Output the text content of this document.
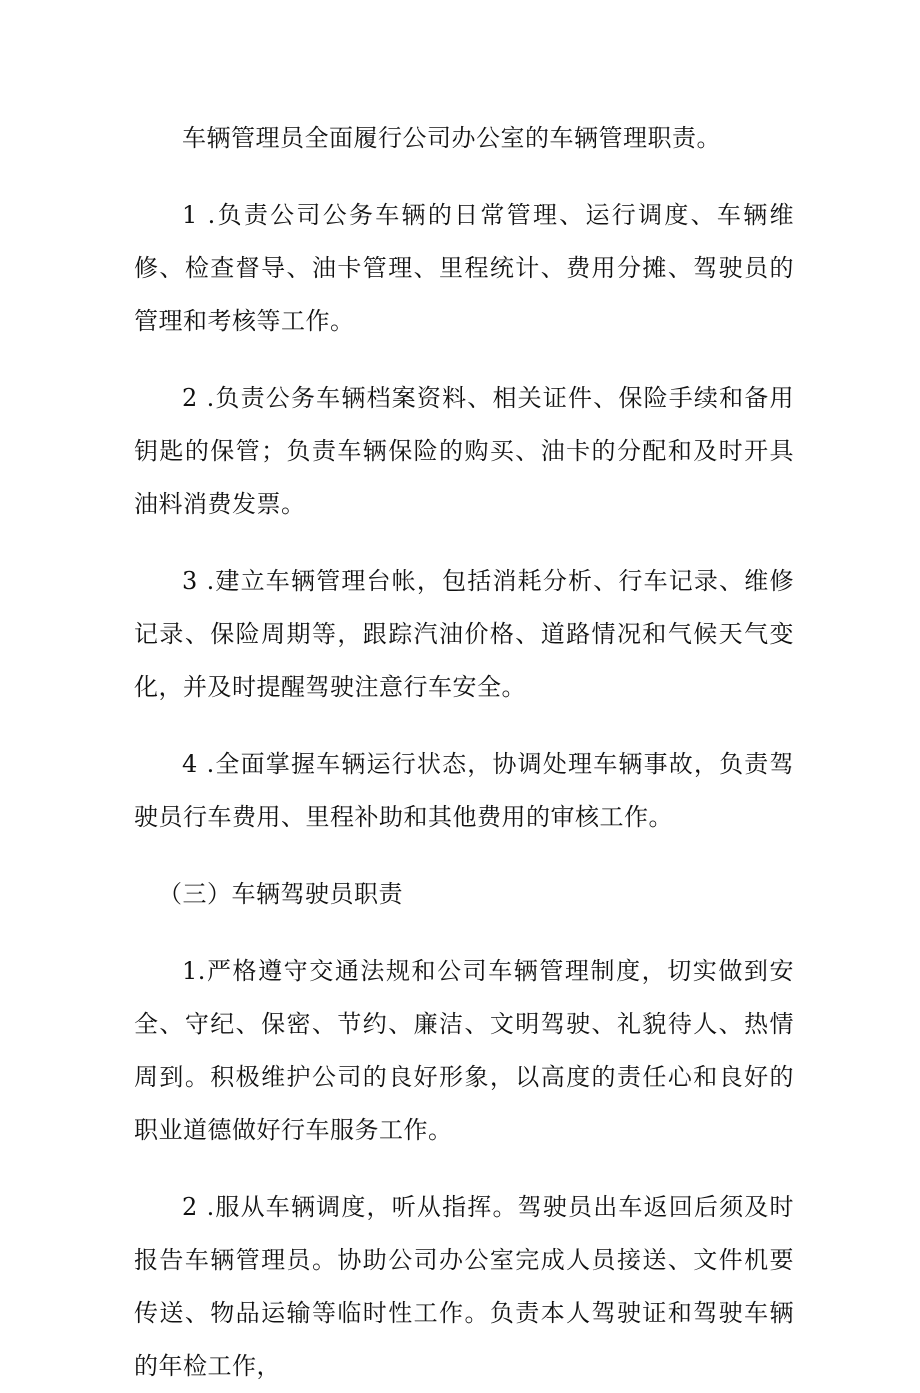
车辆管理员全面履行公司办公室的车辆管理职责。

1 .负责公司公务车辆的日常管理、运行调度、车辆维修、检查督导、油卡管理、里程统计、费用分摊、驾驶员的管理和考核等工作。

2 .负责公务车辆档案资料、相关证件、保险手续和备用钥匙的保管；负责车辆保险的购买、油卡的分配和及时开具油料消费发票。

3 .建立车辆管理台帐，包括消耗分析、行车记录、维修记录、保险周期等，跟踪汽油价格、道路情况和气候天气变化，并及时提醒驾驶注意行车安全。

4 .全面掌握车辆运行状态，协调处理车辆事故，负责驾驶员行车费用、里程补助和其他费用的审核工作。

（三）车辆驾驶员职责

1.严格遵守交通法规和公司车辆管理制度，切实做到安全、守纪、保密、节约、廉洁、文明驾驶、礼貌待人、热情周到。积极维护公司的良好形象，以高度的责任心和良好的职业道德做好行车服务工作。

2 .服从车辆调度，听从指挥。驾驶员出车返回后须及时报告车辆管理员。协助公司办公室完成人员接送、文件机要传送、物品运输等临时性工作。负责本人驾驶证和驾驶车辆的年检工作，
